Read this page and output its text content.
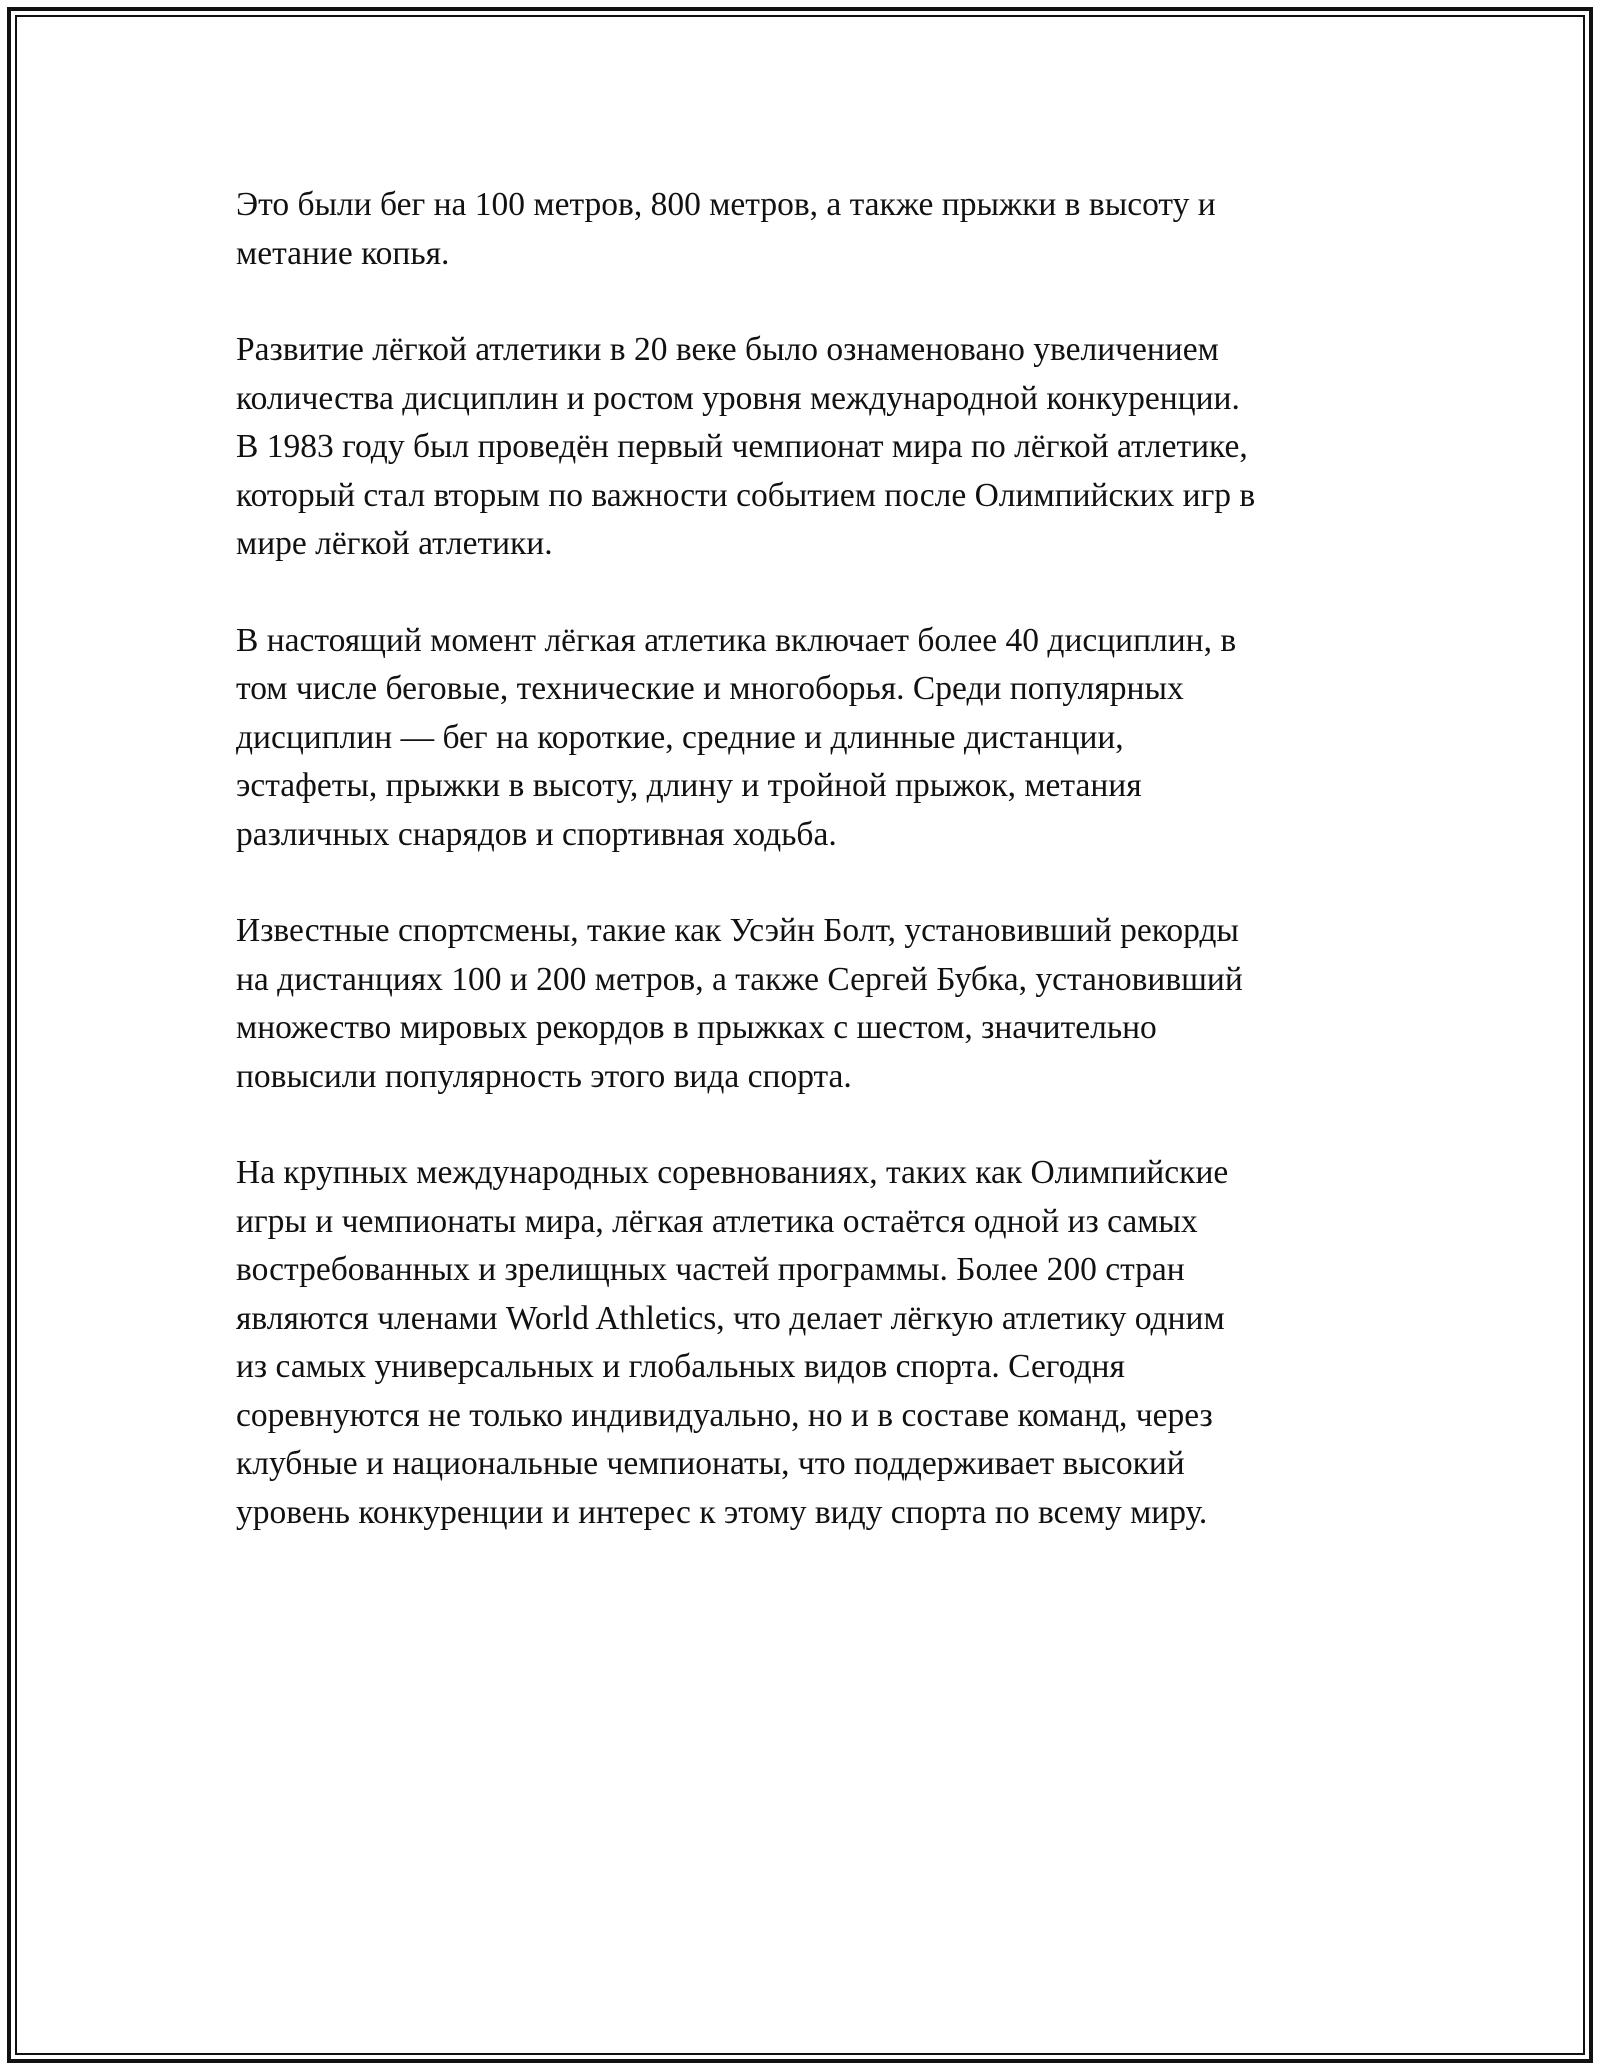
Это были бег на 100 метров, 800 метров, а также прыжки в высоту и
метание копья.

Развитие лёгкой атлетики в 20 веке было ознаменовано увеличением
количества дисциплин и ростом уровня международной конкуренции.
В 1983 году был проведён первый чемпионат мира по лёгкой атлетике,
который стал вторым по важности событием после Олимпийских игр в
мире лёгкой атлетики.

В настоящий момент лёгкая атлетика включает более 40 дисциплин, в
том числе беговые, технические и многоборья. Среди популярных
дисциплин — бег на короткие, средние и длинные дистанции,
эстафеты, прыжки в высоту, длину и тройной прыжок, метания
различных снарядов и спортивная ходьба.

Известные спортсмены, такие как Усэйн Болт, установивший рекорды
на дистанциях 100 и 200 метров, а также Сергей Бубка, установивший
множество мировых рекордов в прыжках с шестом, значительно
повысили популярность этого вида спорта.

На крупных международных соревнованиях, таких как Олимпийские
игры и чемпионаты мира, лёгкая атлетика остаётся одной из самых
востребованных и зрелищных частей программы. Более 200 стран
являются членами World Athletics, что делает лёгкую атлетику одним
из самых универсальных и глобальных видов спорта. Сегодня
соревнуются не только индивидуально, но и в составе команд, через
клубные и национальные чемпионаты, что поддерживает высокий
уровень конкуренции и интерес к этому виду спорта по всему миру.
